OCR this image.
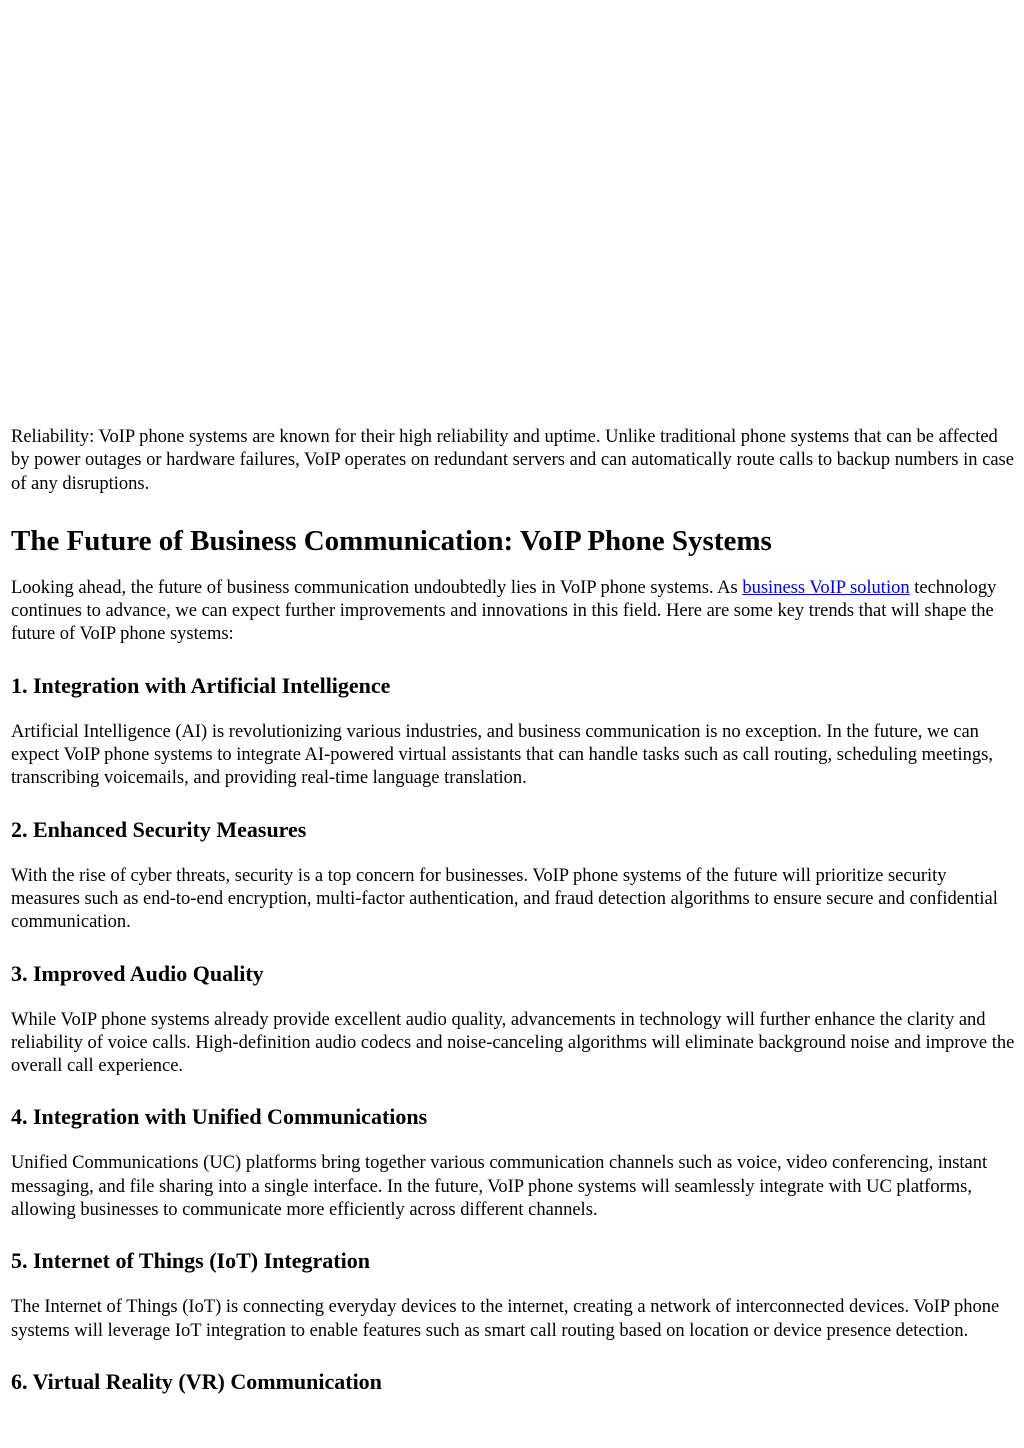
Reliability: VoIP phone systems are known for their high reliability and uptime. Unlike traditional phone systems that can be affected by power outages or hardware failures, VoIP operates on redundant servers and can automatically route calls to backup numbers in case of any disruptions.

The Future of Business Communication: VoIP Phone Systems

Looking ahead, the future of business communication undoubtedly lies in VoIP phone systems. As business VoIP solution technology continues to advance, we can expect further improvements and innovations in this field. Here are some key trends that will shape the future of VoIP phone systems:

1. Integration with Artificial Intelligence

Artificial Intelligence (AI) is revolutionizing various industries, and business communication is no exception. In the future, we can expect VoIP phone systems to integrate AI-powered virtual assistants that can handle tasks such as call routing, scheduling meetings, transcribing voicemails, and providing real-time language translation.

2. Enhanced Security Measures

With the rise of cyber threats, security is a top concern for businesses. VoIP phone systems of the future will prioritize security measures such as end-to-end encryption, multi-factor authentication, and fraud detection algorithms to ensure secure and confidential communication.

3. Improved Audio Quality

While VoIP phone systems already provide excellent audio quality, advancements in technology will further enhance the clarity and reliability of voice calls. High-definition audio codecs and noise-canceling algorithms will eliminate background noise and improve the overall call experience.

4. Integration with Unified Communications

Unified Communications (UC) platforms bring together various communication channels such as voice, video conferencing, instant messaging, and file sharing into a single interface. In the future, VoIP phone systems will seamlessly integrate with UC platforms, allowing businesses to communicate more efficiently across different channels.

5. Internet of Things (IoT) Integration

The Internet of Things (IoT) is connecting everyday devices to the internet, creating a network of interconnected devices. VoIP phone systems will leverage IoT integration to enable features such as smart call routing based on location or device presence detection.

6. Virtual Reality (VR) Communication
